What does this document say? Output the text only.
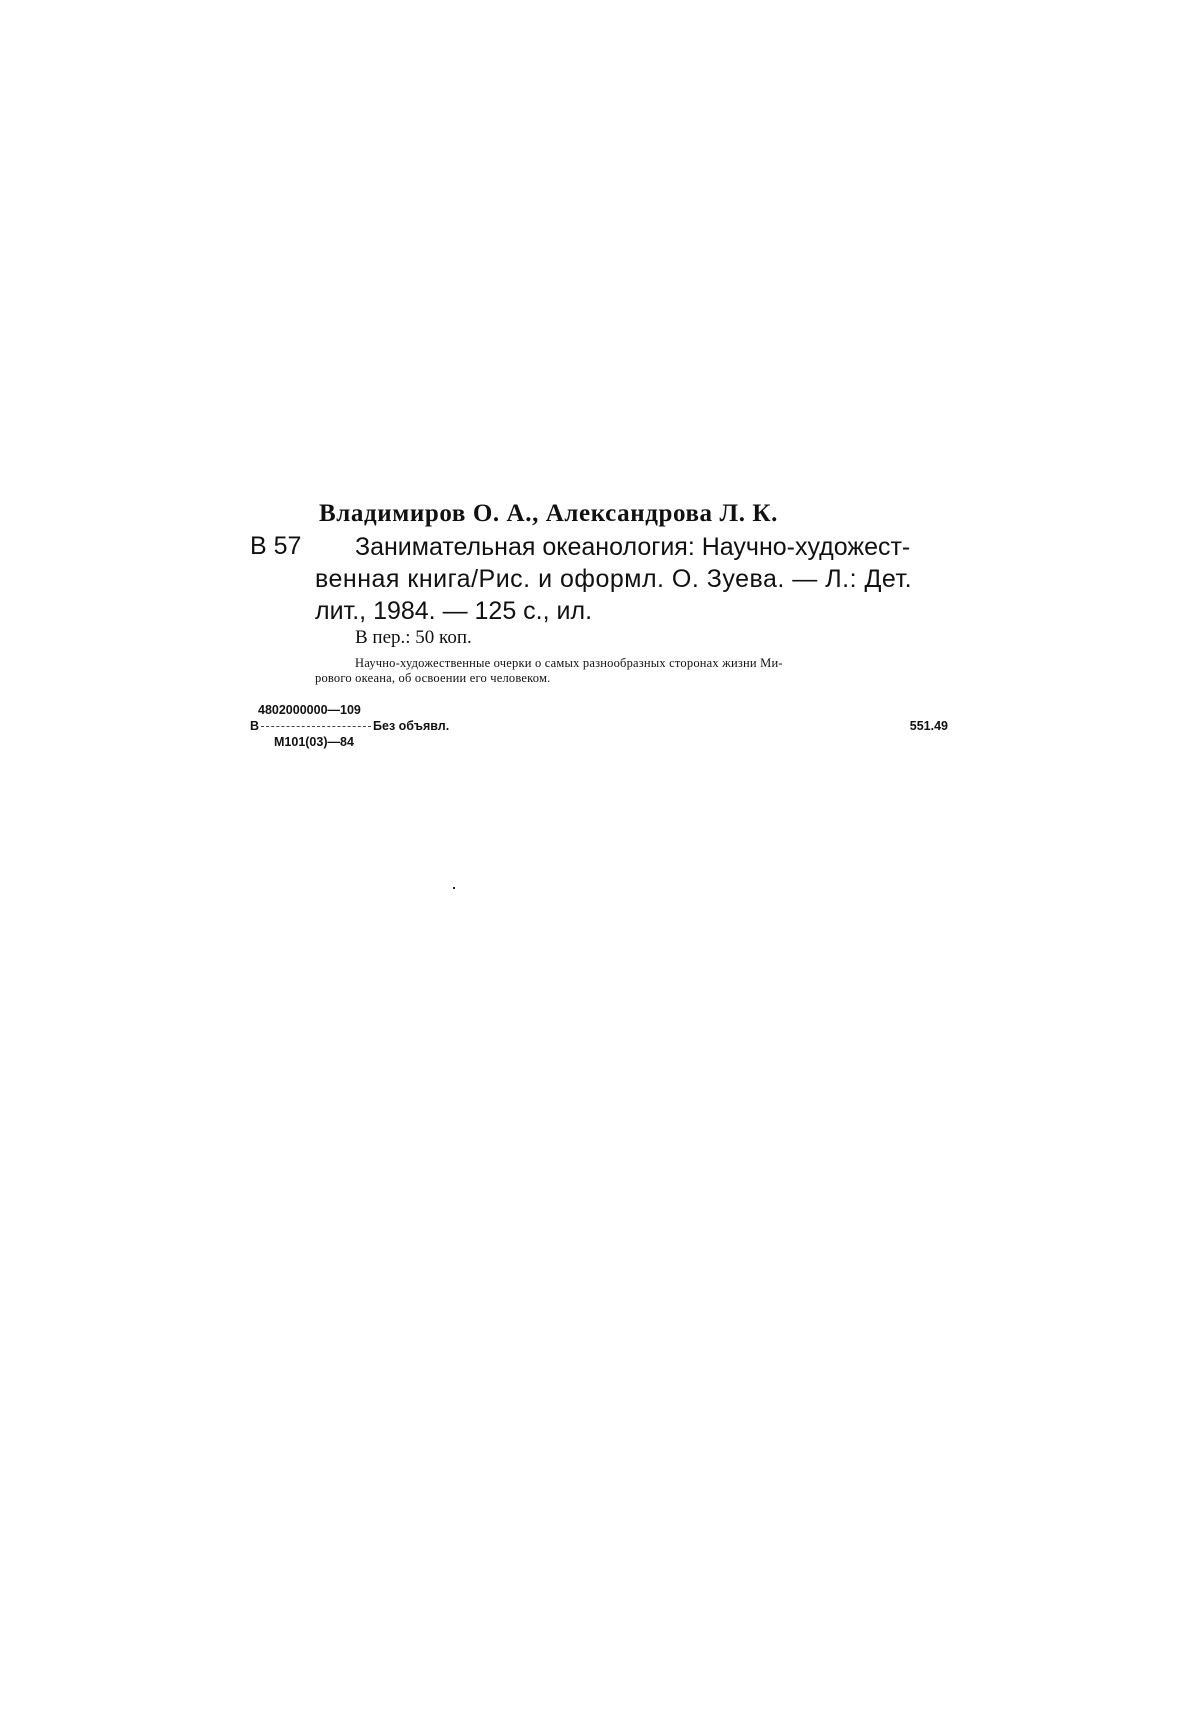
Владимиров О. А., Александрова Л. К.
В 57	Занимательная океанология: Научно-художест-
венная книга/Рис. и оформл. О. Зуева. — Л.: Дет.
лит., 1984. — 125 с., ил.
В пер.: 50 коп.
Научно-художественные очерки о самых разнообразных сторонах жизни Ми-
рового океана, об освоении его человеком.
4802000000—109
В	Без объявл.	551.49
М101(03)—84
